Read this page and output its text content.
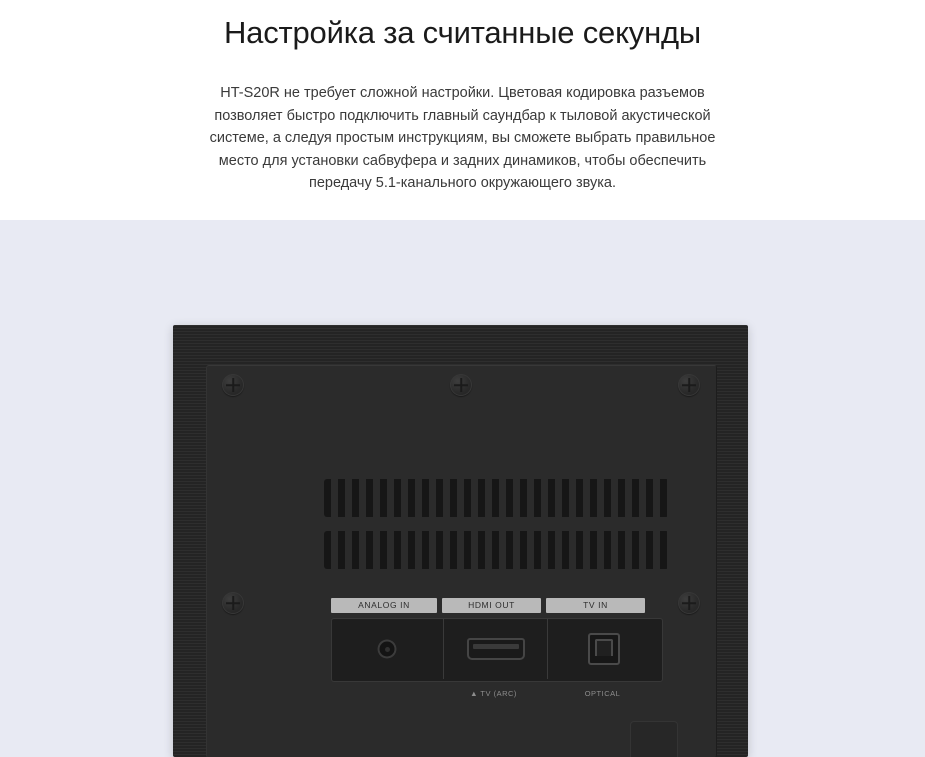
Настройка за считанные секунды

HT-S20R не требует сложной настройки. Цветовая кодировка разъемов позволяет быстро подключить главный саундбар к тыловой акустической системе, а следуя простым инструкциям, вы сможете выбрать правильное место для установки сабвуфера и задних динамиков, чтобы обеспечить передачу 5.1-канального окружающего звука.

ANALOG IN	HDMI OUT	TV IN
▲ TV (ARC)	OPTICAL
